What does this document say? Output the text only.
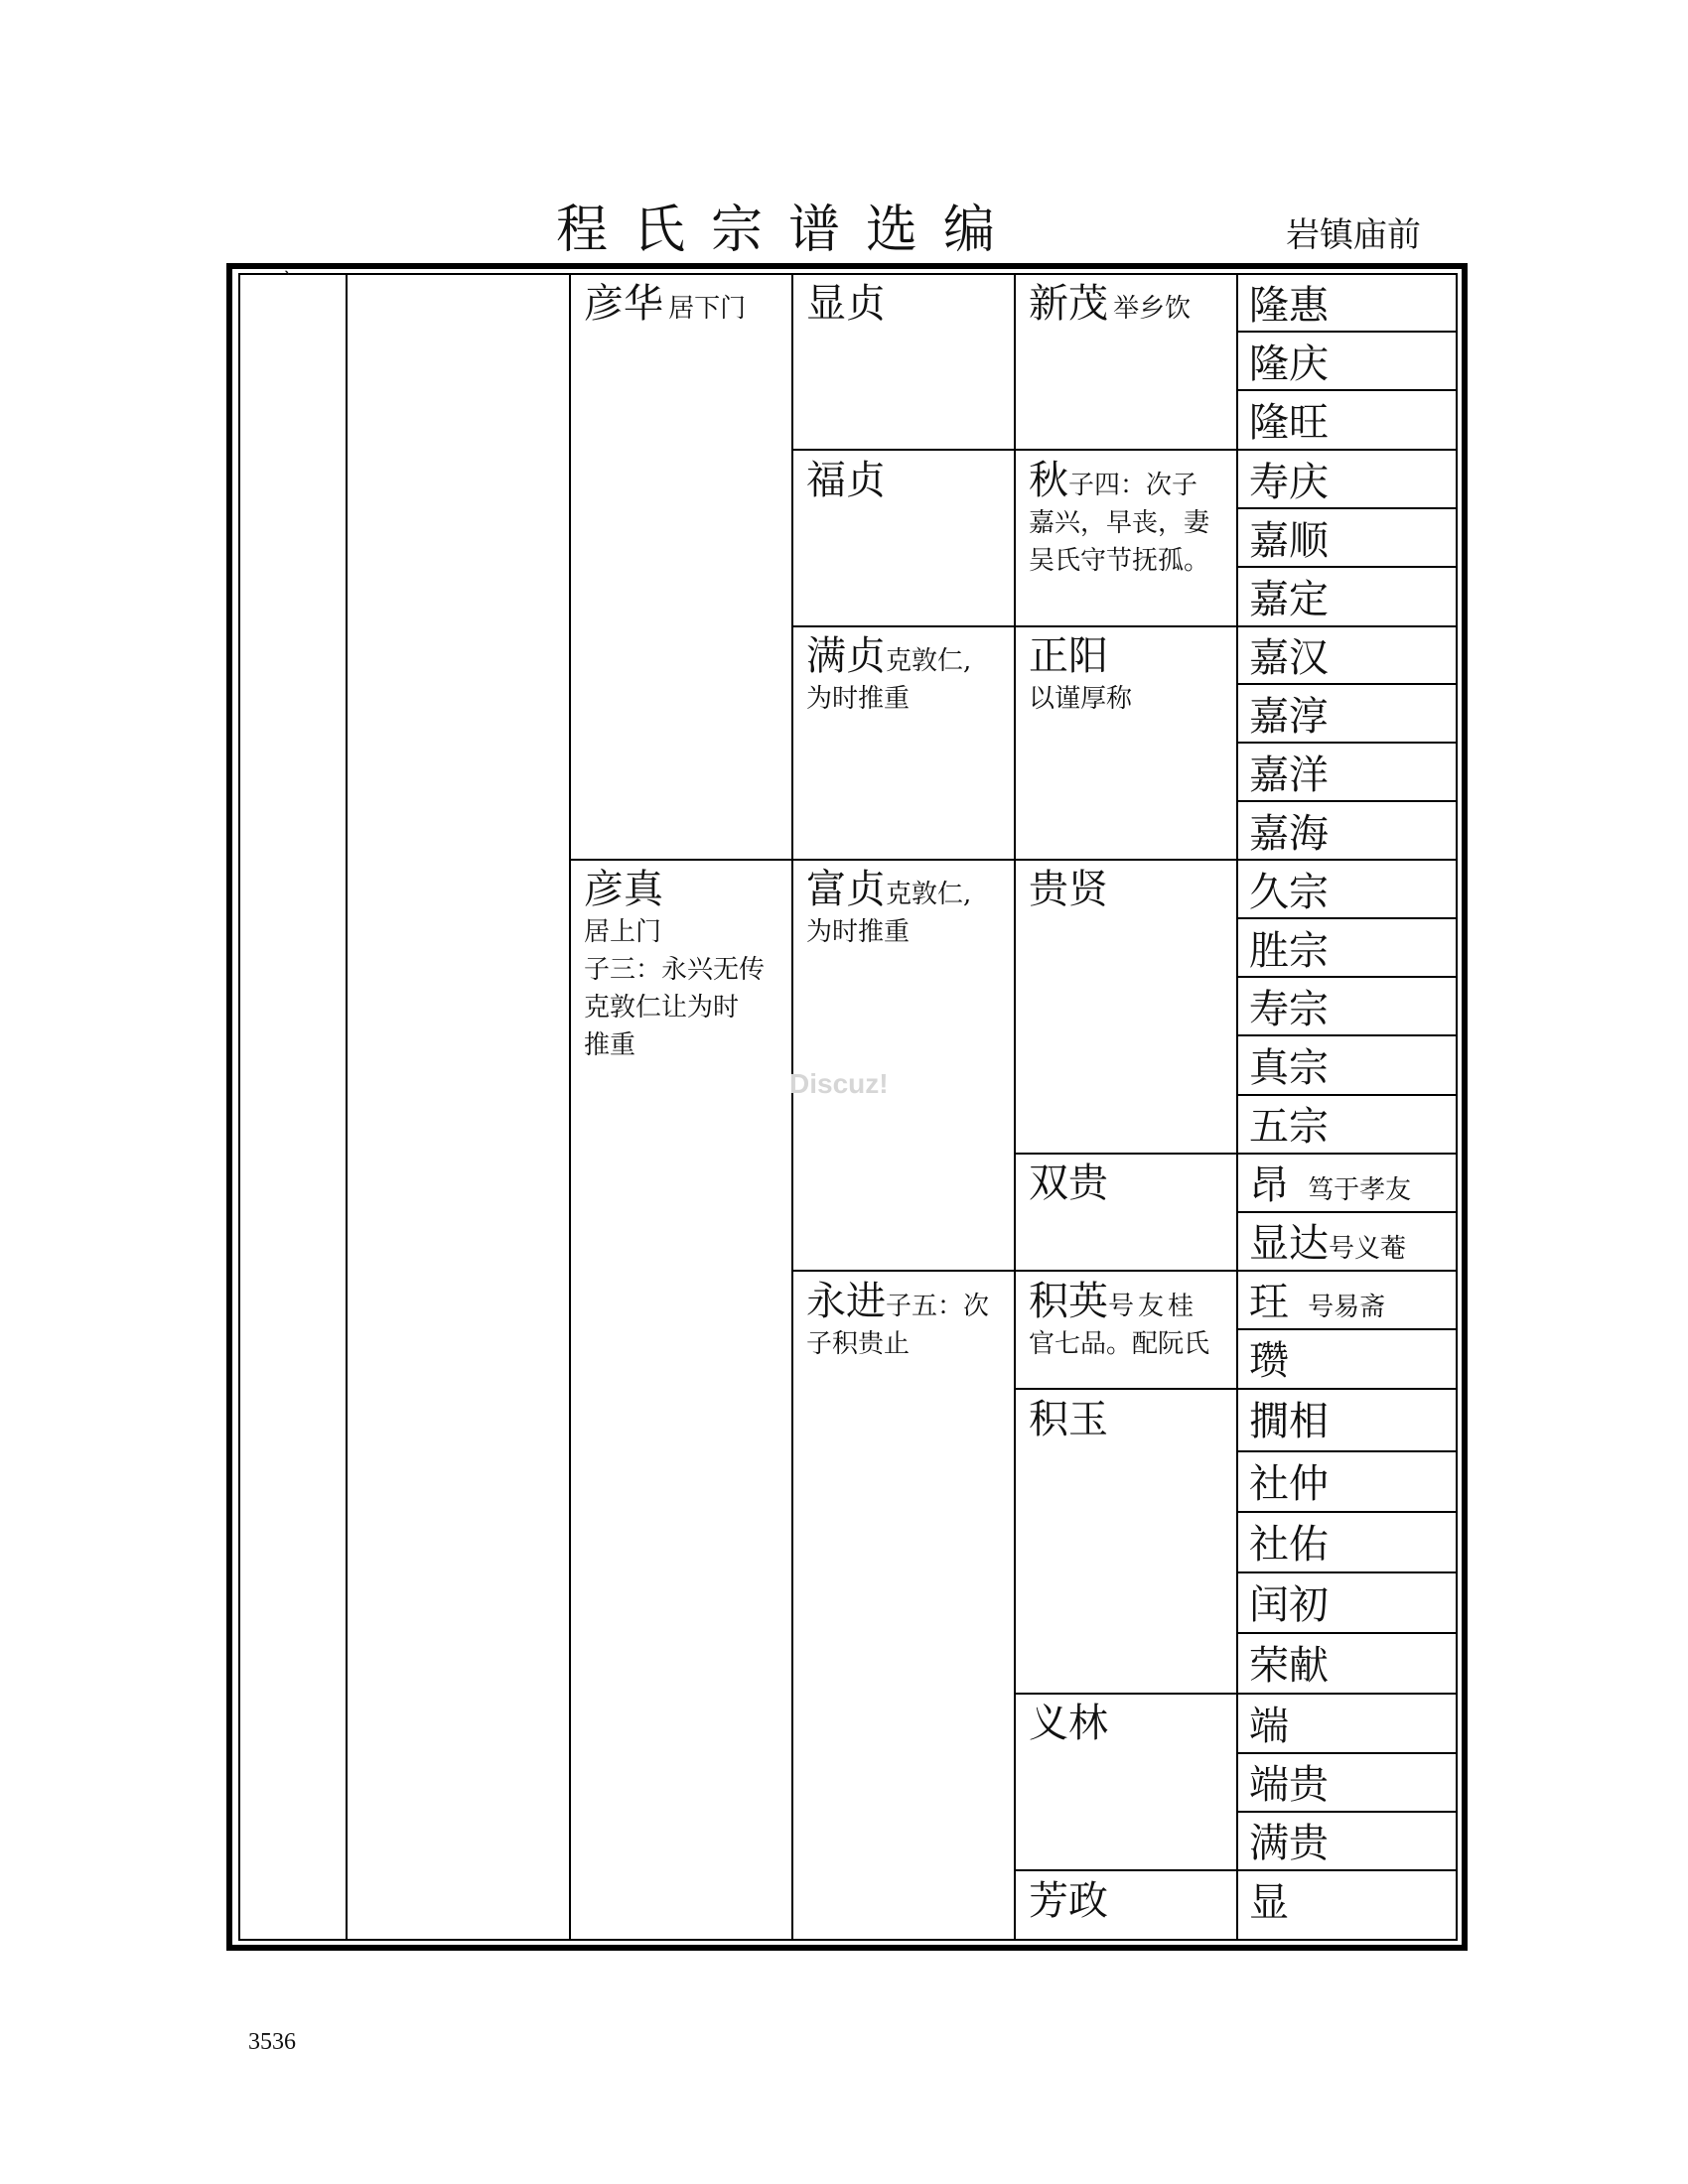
程氏宗谱选编	岩镇庙前
`	彦华 居下门
彦真
居上门
子三：永兴无传
克敦仁让为时
推重
显贞
福贞
满贞克敦仁,
为时推重
富贞克敦仁,
为时推重
永进子五：次
子积贵止
新茂 举乡饮
秋子四：次子
嘉兴，早丧，妻
吴氏守节抚孤。
正阳
以谨厚称
贵贤
双贵
积英号友桂
官七品。配阮氏
积玉
义林
芳政
隆惠
隆庆
隆旺
寿庆
嘉顺
嘉定
嘉汉
嘉淳
嘉洋
嘉海
久宗
胜宗
寿宗
真宗
五宗
昂 笃于孝友
显达号义菴
玨 号易斋
瓒
撊相
社仲
社佑
闰初
荣献
端
端贵
满贵
显
Discuz!
3536
